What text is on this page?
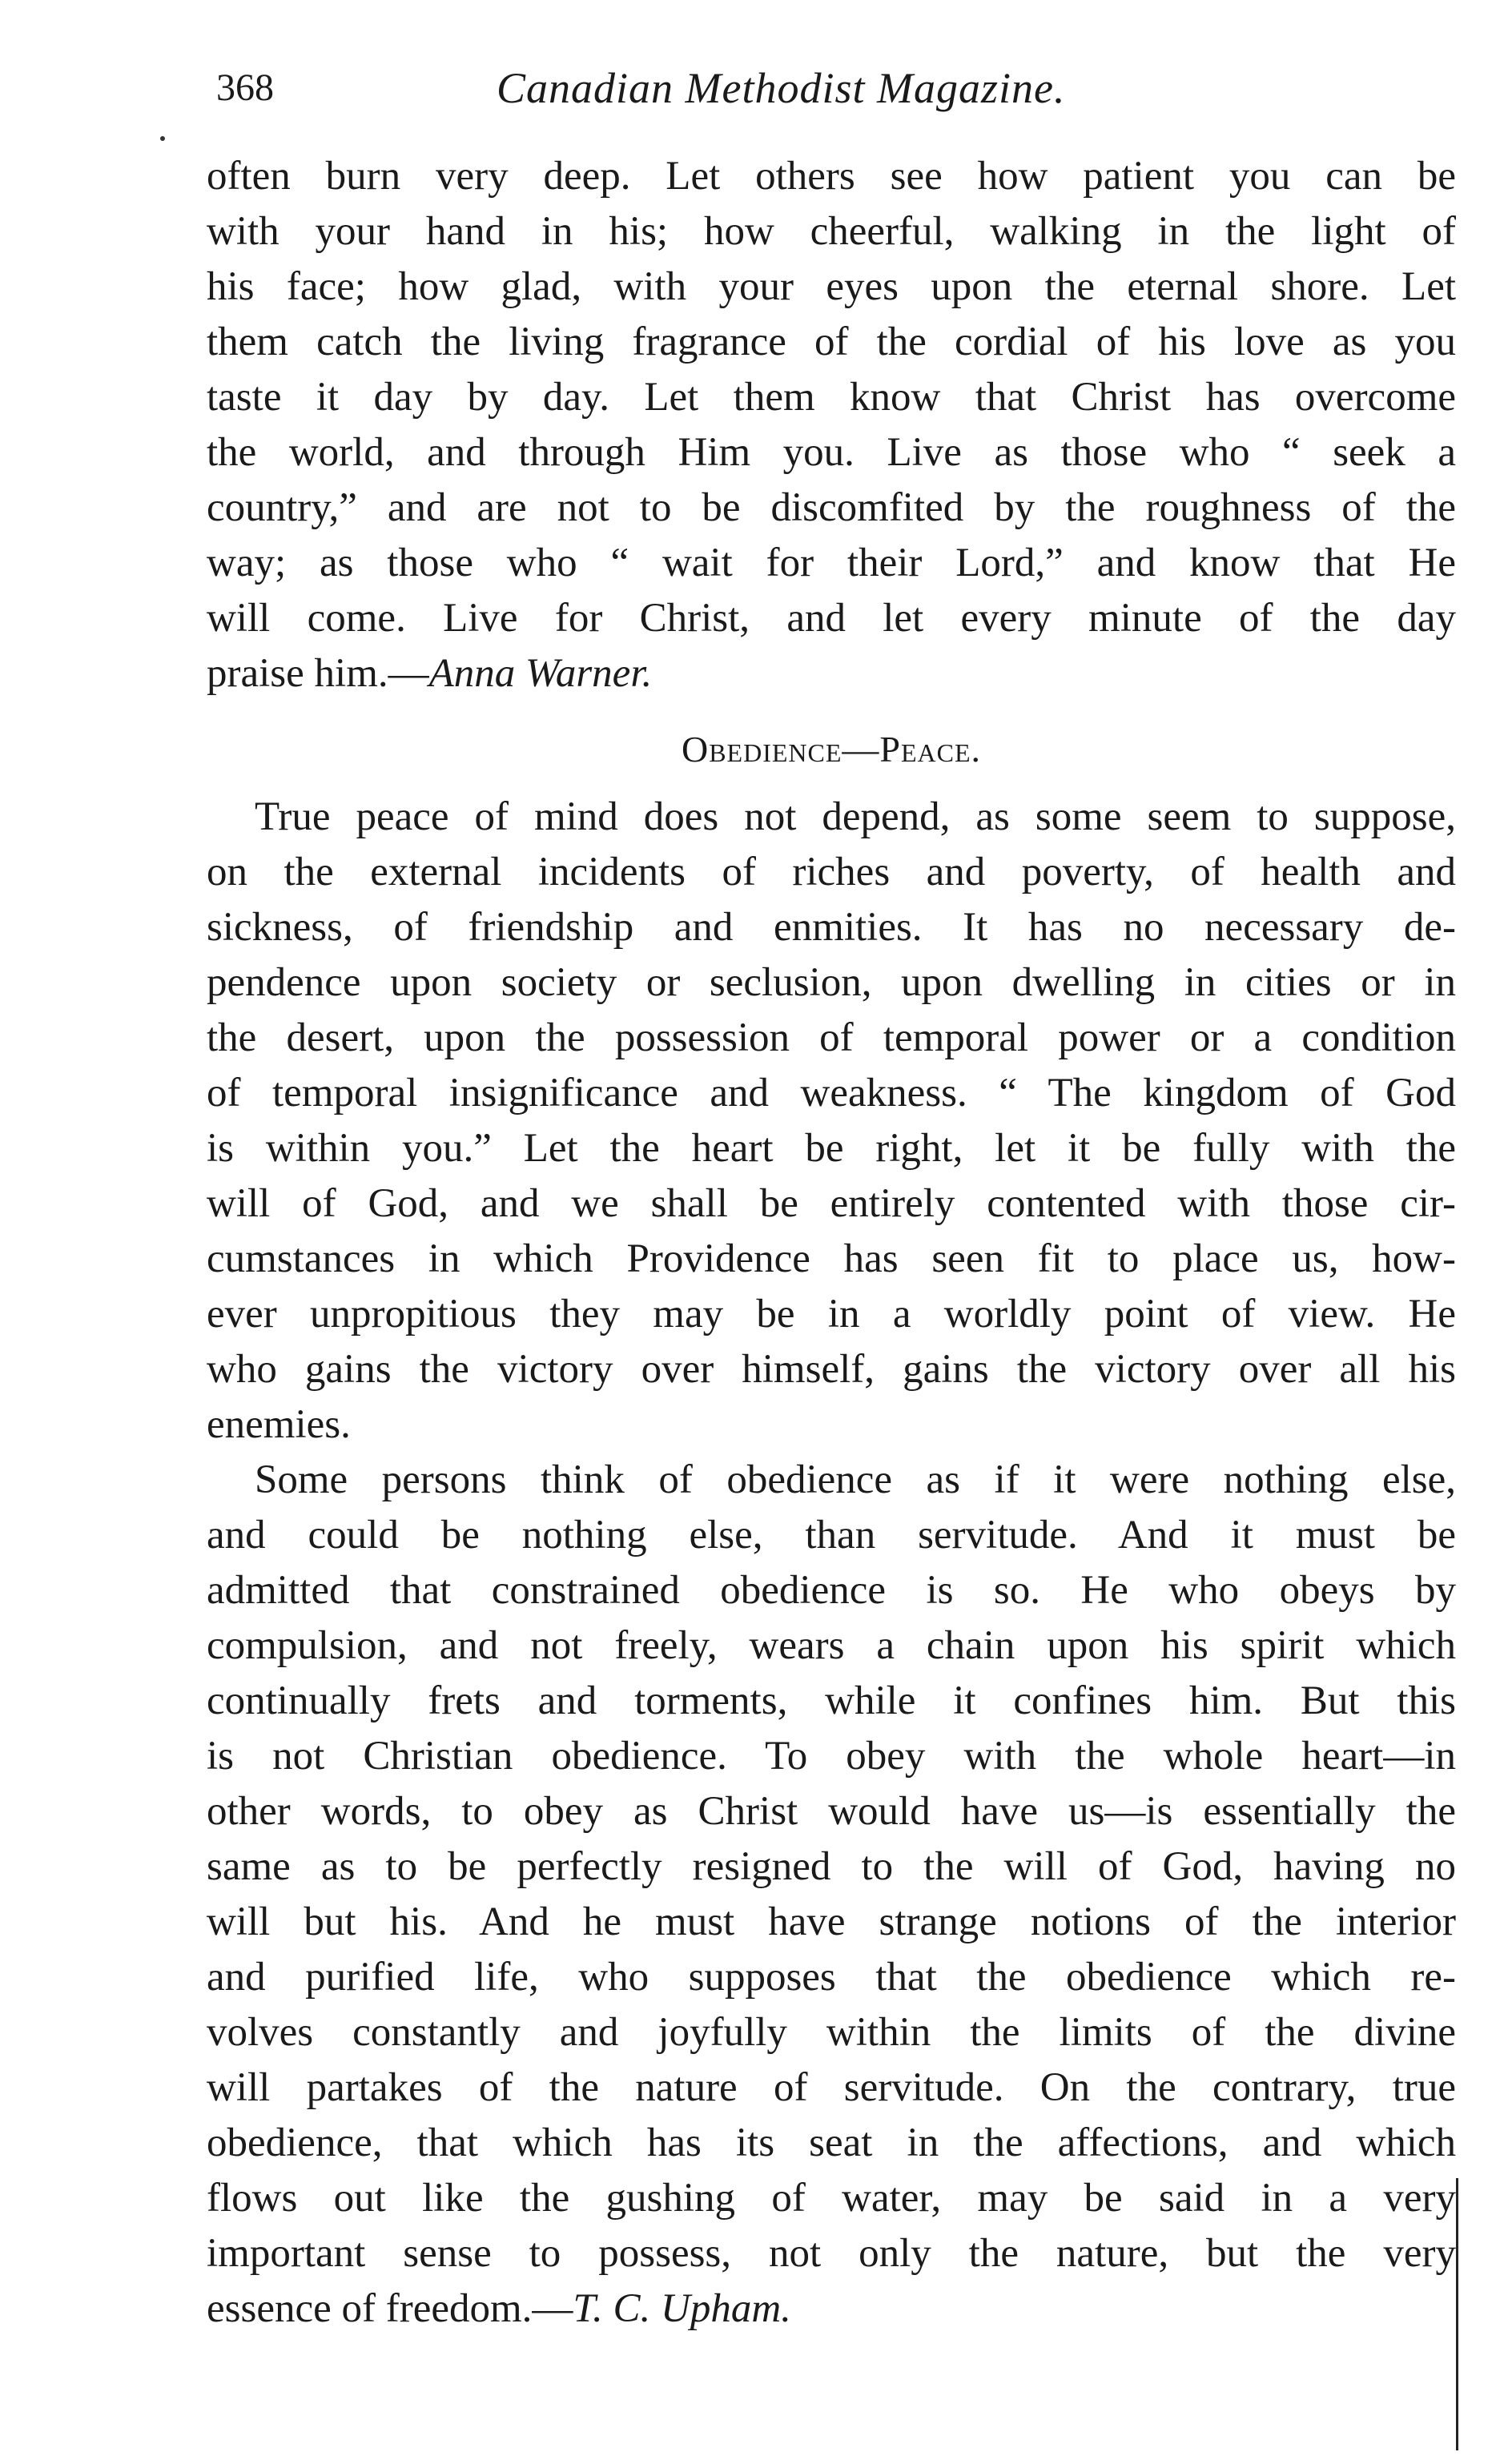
368	Canadian Methodist Magazine.
often burn very deep. Let others see how patient you can be
with your hand in his; how cheerful, walking in the light of
his face; how glad, with your eyes upon the eternal shore. Let
them catch the living fragrance of the cordial of his love as you
taste it day by day. Let them know that Christ has overcome
the world, and through Him you. Live as those who “ seek a
country,” and are not to be discomfited by the roughness of the
way; as those who “ wait for their Lord,” and know that He
will come. Live for Christ, and let every minute of the day
praise him.—Anna Warner.
Obedience—Peace.
True peace of mind does not depend, as some seem to suppose,
on the external incidents of riches and poverty, of health and
sickness, of friendship and enmities. It has no necessary de-
pendence upon society or seclusion, upon dwelling in cities or in
the desert, upon the possession of temporal power or a condition
of temporal insignificance and weakness. “ The kingdom of God
is within you.” Let the heart be right, let it be fully with the
will of God, and we shall be entirely contented with those cir-
cumstances in which Providence has seen fit to place us, how-
ever unpropitious they may be in a worldly point of view. He
who gains the victory over himself, gains the victory over all his
enemies.
Some persons think of obedience as if it were nothing else,
and could be nothing else, than servitude. And it must be
admitted that constrained obedience is so. He who obeys by
compulsion, and not freely, wears a chain upon his spirit which
continually frets and torments, while it confines him. But this
is not Christian obedience. To obey with the whole heart—in
other words, to obey as Christ would have us—is essentially the
same as to be perfectly resigned to the will of God, having no
will but his. And he must have strange notions of the interior
and purified life, who supposes that the obedience which re-
volves constantly and joyfully within the limits of the divine
will partakes of the nature of servitude. On the contrary, true
obedience, that which has its seat in the affections, and which
flows out like the gushing of water, may be said in a very
important sense to possess, not only the nature, but the very
essence of freedom.—T. C. Upham.
